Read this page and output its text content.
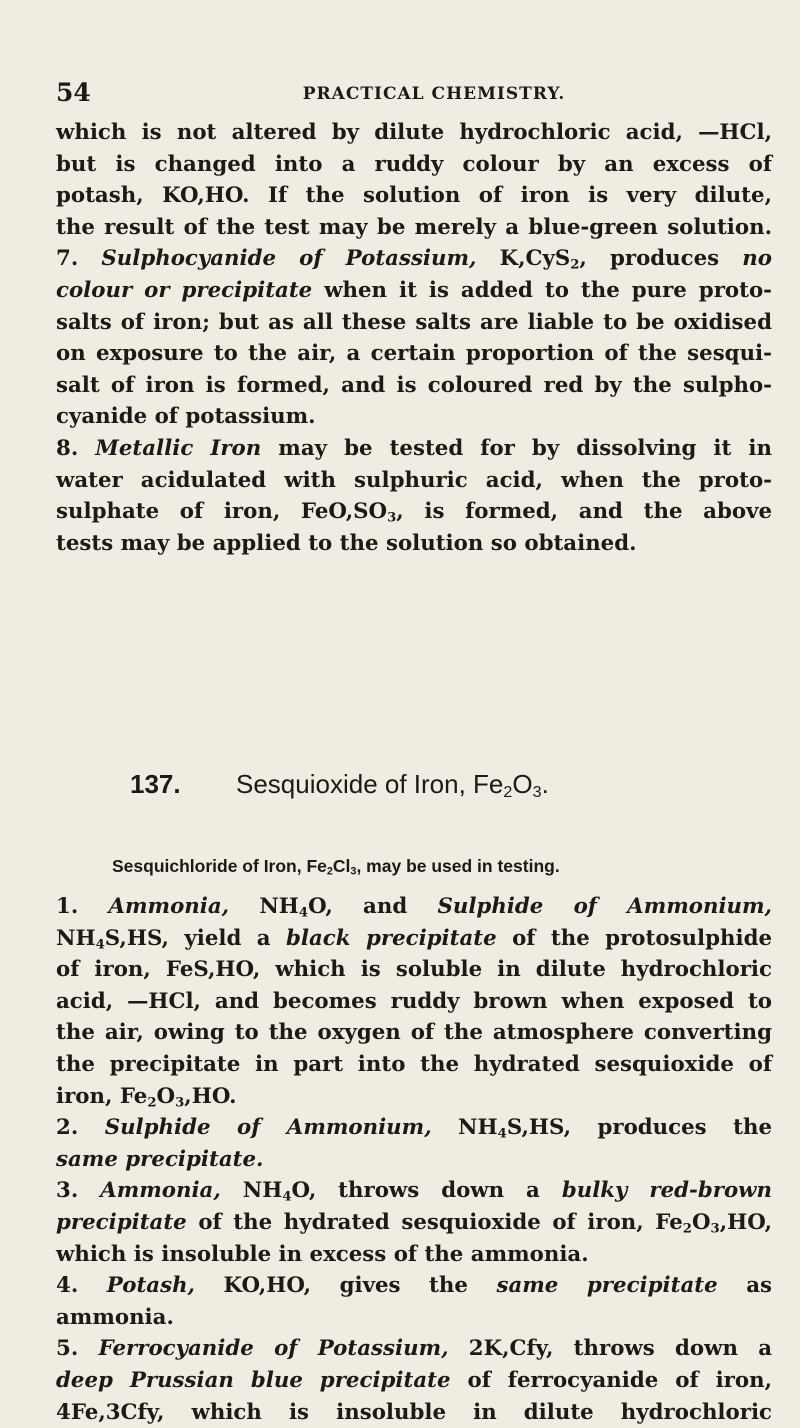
54	PRACTICAL CHEMISTRY.
which is not altered by dilute hydrochloric acid, —HCl,
but is changed into a ruddy colour by an excess of
potash, KO,HO. If the solution of iron is very dilute,
the result of the test may be merely a blue-green solution.
7. Sulphocyanide of Potassium, K,CyS$_2$, produces no
colour or precipitate when it is added to the pure proto-
salts of iron; but as all these salts are liable to be oxidised
on exposure to the air, a certain proportion of the sesqui-
salt of iron is formed, and is coloured red by the sulpho-
cyanide of potassium.
8. Metallic Iron may be tested for by dissolving it in
water acidulated with sulphuric acid, when the proto-
sulphate of iron, $FeO,SO_3$, is formed, and the above
tests may be applied to the solution so obtained.
137. Sesquioxide of Iron, $Fe_2O_3$.
Sesquichloride of Iron, $Fe_2Cl_3$, may be used in testing.
1. Ammonia, $NH_4O$, and Sulphide of Ammonium,
$NH_4S,HS$, yield a black precipitate of the protosulphide
of iron, FeS,HO, which is soluble in dilute hydrochloric
acid, —HCl, and becomes ruddy brown when exposed to
the air, owing to the oxygen of the atmosphere converting
the precipitate in part into the hydrated sesquioxide of
iron, $Fe_2O_3,HO$.
2. Sulphide of Ammonium, $NH_4S,HS$, produces the
same precipitate.
3. Ammonia, $NH_4O$, throws down a bulky red-brown
precipitate of the hydrated sesquioxide of iron, $Fe_2O_3,HO$,
which is insoluble in excess of the ammonia.
4. Potash, KO,HO, gives the same precipitate as
ammonia.
5. Ferrocyanide of Potassium, 2K,Cfy, throws down a
deep Prussian blue precipitate of ferrocyanide of iron,
4Fe,3Cfy, which is insoluble in dilute hydrochloric
